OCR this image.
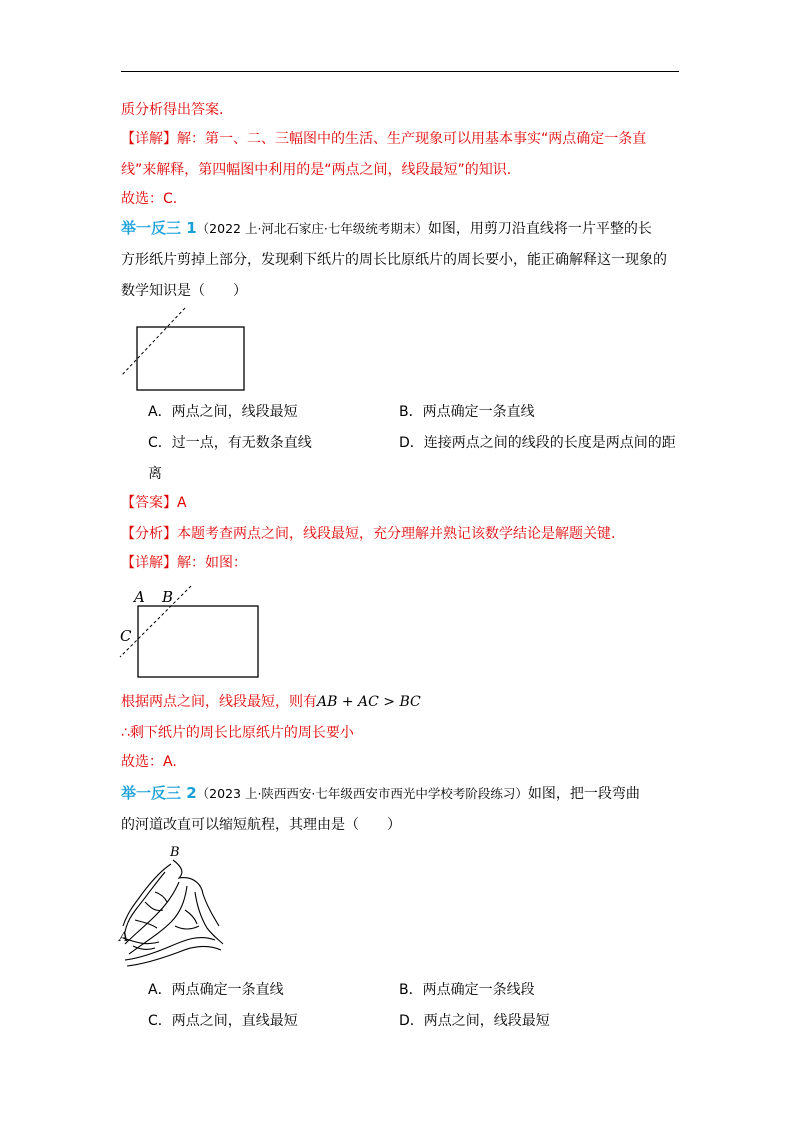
质分析得出答案.
【详解】解：第一、二、三幅图中的生活、生产现象可以用基本事实“两点确定一条直
线”来解释，第四幅图中利用的是“两点之间，线段最短”的知识.
故选：C.
举一反三 1（2022 上·河北石家庄·七年级统考期末）如图，用剪刀沿直线将一片平整的长
方形纸片剪掉上部分，发现剩下纸片的周长比原纸片的周长要小，能正确解释这一现象的
数学知识是（　　）
A．两点之间，线段最短	B．两点确定一条直线
C．过一点，有无数条直线	D．连接两点之间的线段的长度是两点间的距
离
【答案】A
【分析】本题考查两点之间，线段最短，充分理解并熟记该数学结论是解题关键.
【详解】解：如图：
A B
C
根据两点之间，线段最短，则有AB + AC > BC
∴剩下纸片的周长比原纸片的周长要小
故选：A.
举一反三 2（2023 上·陕西西安·七年级西安市西光中学校考阶段练习）如图，把一段弯曲
的河道改直可以缩短航程，其理由是（　　）
B
A
A．两点确定一条直线	B．两点确定一条线段
C．两点之间，直线最短	D．两点之间，线段最短
